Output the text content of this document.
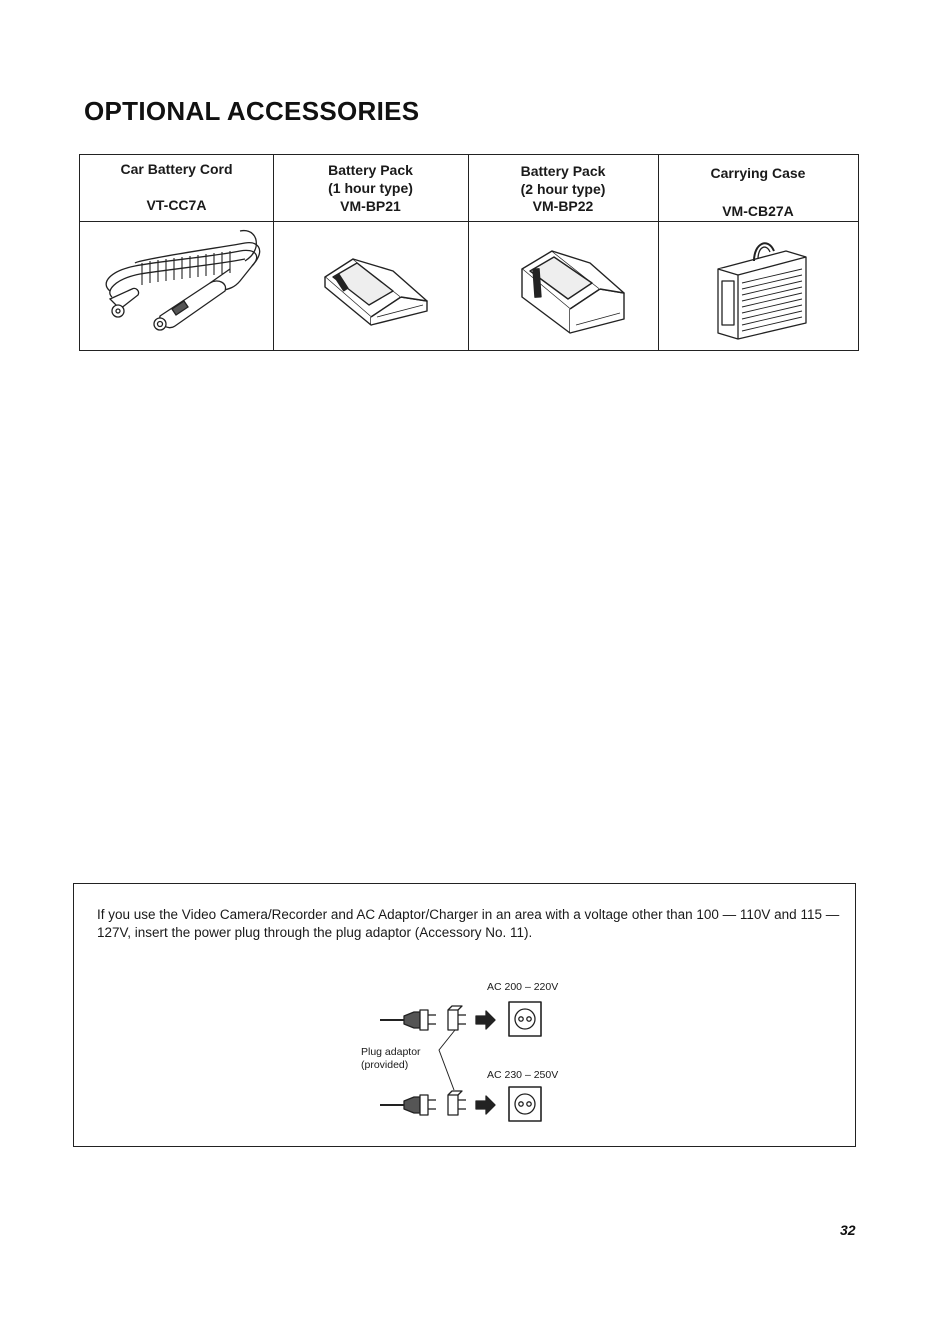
OPTIONAL ACCESSORIES
Car Battery Cord
VT-CC7A
Battery Pack
(1 hour type)
VM-BP21
Battery Pack
(2 hour type)
VM-BP22
Carrying Case
VM-CB27A

If you use the Video Camera/Recorder and AC Adaptor/Charger in an area with a voltage other than 100 — 110V and 115 — 127V, insert the power plug through the plug adaptor (Accessory No. 11).

AC 200 – 220V
Plug adaptor
(provided)
AC 230 – 250V
32
